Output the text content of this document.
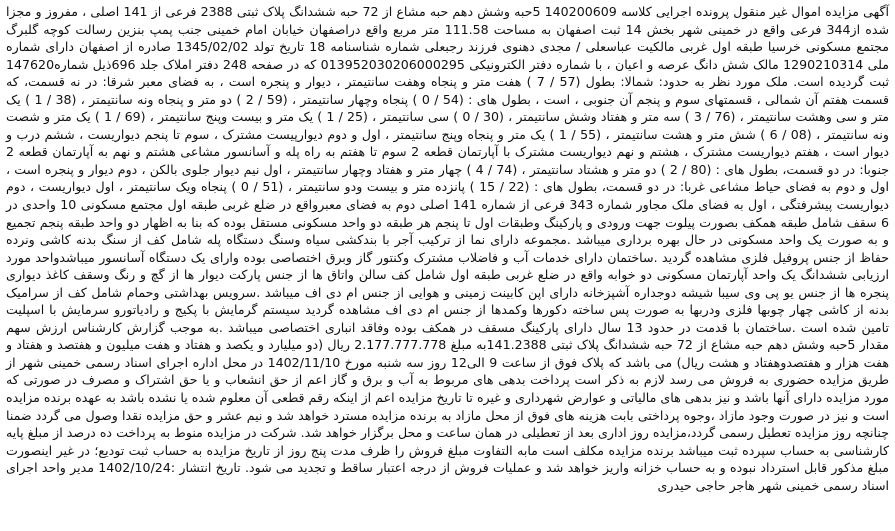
آگهی مزایده اموال غیر منقول پرونده اجرایی کلاسه 140200609 5حبه وشش دهم حبه مشاع از 72 حبه ششدانگ پلاک ثبتی 2388 فرعی از 141 اصلی ، مفروز و مجزا شده از344 فرعی واقع در خمینی شهر بخش 14 ثبت اصفهان به مساحت 111.58 متر مربع واقع دراصفهان خیابان امام خمینی جنب پمپ بنزین رسالت کوچه گلبرگ مجتمع مسکونی خرسیا طبقه اول غربی مالکیت عباسعلی / مجدی دهنوی فرزند رجبعلی شماره شناسنامه 18 تاریخ تولد 1345/02/02 صادره از اصفهان دارای شماره ملی 1290210314 مالک شش دانگ عرصه و اعیان ، با شماره دفتر الکترونیکی 013952030206000295 که در صفحه 248 دفتر املاک جلد 696ذیل شماره147620 ثبت گردیده است. ملک مورد نظر به حدود: شمالا: بطول (57 / 7 ) هفت متر و پنجاه وهفت سانتیمتر ، دیوار و پنجره است ، به فضای معبر شرقا: در نه قسمت، که قسمت هفتم آن شمالی ، قسمتهای سوم و پنجم آن جنوبی ، است ، بطول های : (54 / 0 ) پنجاه وچهار سانتیمتر ، (59 / 2 ) دو متر و پنجاه ونه سانتیمتر ، (38 / 1 ) یک متر و سی وهشت سانتیمتر ، (76 / 3 ) سه متر و هفتاد وشش سانتیمتر ، (30 / 0 ) سی سانتیمتر ، (25 / 1 ) یک متر و بیست وپنج سانتیمتر ، (69 / 1 ) یک متر و شصت ونه سانتیمتر ، (08 / 6 ) شش متر و هشت سانتیمتر ، (55 / 1 ) یک متر و پنجاه وپنج سانتیمتر ، اول و دوم دیوارپیست مشترک ، سوم تا پنجم دیواریست ، ششم درب و دیوار است ، هفتم دیواریست مشترک ، هشتم و نهم دیواریست مشترک با آپارتمان قطعه 2 سوم تا هفتم به راه پله و آسانسور مشاعی هشتم و نهم به آپارتمان قطعه 2 جنوبا: در دو قسمت، بطول های : (80 / 2 ) دو متر و هشتاد سانتیمتر ، (74 / 4 ) چهار متر و هفتاد وچهار سانتیمتر ، اول نیم دیوار جلوی بالکن ، دوم دیوار و پنجره است ، اول و دوم به فضای حیاط مشاعی غربا: در دو قسمت، بطول های : (22 / 15 ) پانزده متر و بیست ودو سانتیمتر ، (51 / 0 ) پنجاه ویک سانتیمتر ، اول دیواریست ، دوم دیواریست پیشرفتگی ، اول به فضای ملک مجاور شماره 343 فرعی از شماره 141 اصلی دوم به فضای معبرواقع در ضلع غربی طبقه اول مجتمع مسکونی 10 واحدی در 6 سقف شامل طبقه همکف بصورت پیلوت جهت ورودی و پارکینگ وطبقات اول تا پنجم هر طبقه دو واحد مسکونی مستقل بوده که بنا به اظهار دو واحد طبقه پنجم تجمیع و به صورت یک واحد مسکونی در حال بهره برداری میباشد .مجموعه دارای نما از ترکیب آجر با بندکشی سیاه وسنگ دستگاه پله شامل کف از سنگ بدنه کاشی ونرده حفاظ از جنس پروفیل فلزی مشاهده گردید .ساختمان دارای خدمات آب و فاضلاب مشترک وکنتور گاز وبرق اختصاصی بوده وارای یک دستگاه آسانسور میباشدواحد مورد ارزیابی ششدانگ یک واحد آپارتمان مسکونی دو خوابه واقع در ضلع غربی طبقه اول شامل کف سالن واتاق ها از جنس پارکت دیوار ها از گچ و رنگ وسقف کاغذ دیواری پنجره ها از جنس یو پی وی سیبا شیشه دوجداره آشپزخانه دارای اپن کابینت زمینی و هوایی از جنس ام دی اف میباشد .سرویس بهداشتی وحمام شامل کف از سرامیک بدنه از کاشی چهار چوبها فلزی ودربها به صورت پس ساخته دکورها وکمدها از جنس ام دی اف مشاهده گردید سیستم گرمایش با پکیج و رادیاتورو سرمایش با اسپلیت تامین شده است .ساختمان با قدمت در حدود 13 سال دارای پارکینگ مسقف در همکف بوده وفاقد انباری اختصاصی میباشد .به موجب گزارش کارشناس ارزش سهم مقدار 5حبه وشش دهم حبه مشاع از 72 حبه ششدانگ پلاک ثبتی 141.2388به مبلغ 2.177.777.778 ریال (دو میلیارد و یکصد و هفتاد و هفت میلیون و هفتصد و هفتاد و هفت هزار و هفتصدوهفتاد و هشت ریال) می باشد که پلاک فوق از ساعت 9 الی12 روز سه شنبه مورخ 1402/11/10 در محل اداره اجرای اسناد رسمی خمینی شهر از طریق مزایده حضوری به فروش می رسد لازم به ذکر است پرداخت بدهی های مربوط به آب و برق و گاز اعم از حق انشعاب و یا حق اشتراک و مصرف در صورتی که مورد مزایده دارای آنها باشد و نیز بدهی های مالیاتی و عوارض شهرداری و غیره تا تاریخ مزایده اعم از اینکه رقم قطعی آن معلوم شده یا نشده باشد به عهده برنده مزایده است و نیز در صورت وجود مازاد ،وجوه پرداختی بابت هزینه های فوق از محل مازاد به برنده مزایده مسترد خواهد شد و نیم عشر و حق مزایده نقدا وصول می گردد ضمنا چنانچه روز مزایده تعطیل رسمی گردد،مزایده روز اداری بعد از تعطیلی در همان ساعت و محل برگزار خواهد شد. شرکت در مزایده منوط به پرداخت ده درصد از مبلغ پایه کارشناسی به حساب سپرده ثبت میباشد برنده مزایده مکلف است مابه التفاوت مبلغ فروش را ظرف مدت پنج روز از تاریخ مزایده به حساب ثبت تودیع؛ در غیر اینصورت مبلغ مذکور قابل استرداد نبوده و به حساب خزانه واریز خواهد شد و عملیات فروش از درجه اعتبار ساقط و تجدید می شود. تاریخ انتشار :1402/10/24 مدیر واحد اجرای اسناد رسمی خمینی شهر هاجر حاجی حیدری
